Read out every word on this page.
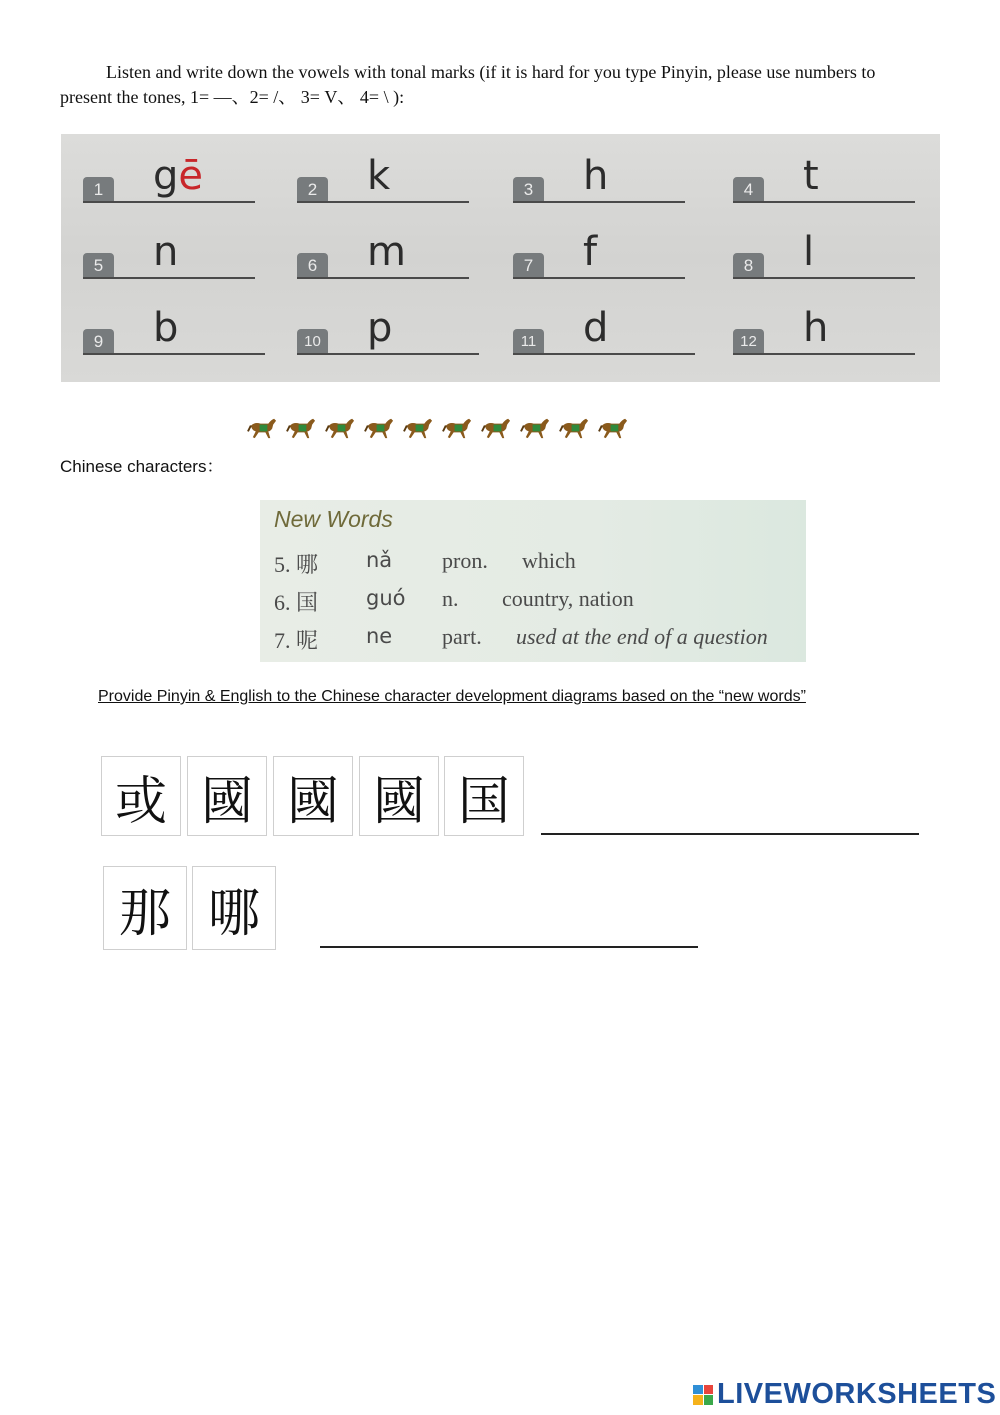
Listen and write down the vowels with tonal marks (if it is hard for you type Pinyin, please use numbers to present the tones, 1= —、2= /、 3= V、 4= \ ):

1 gē	2 k	3 h	4 t
5 n	6 m	7 f	8 l
9 b	10 p	11 d	12 h
Chinese characters：
New Words
5. 哪 nǎ pron. which
6. 国 guó n. country, nation
7. 呢 ne part. used at the end of a question
Provide Pinyin & English to the Chinese character development diagrams based on the “new words”
或 國 國 國 国
那 哪
LIVEWORKSHEETS
